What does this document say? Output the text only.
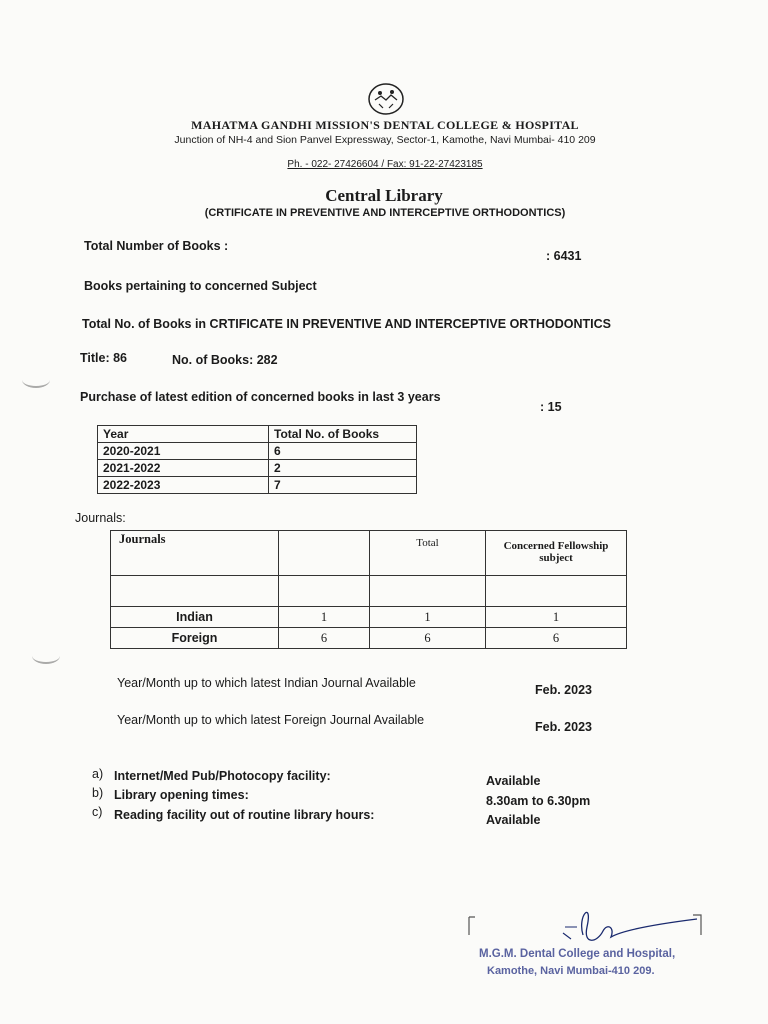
MAHATMA GANDHI MISSION'S DENTAL COLLEGE & HOSPITAL
Junction of NH-4 and Sion Panvel Expressway, Sector-1, Kamothe, Navi Mumbai- 410 209
Ph. - 022- 27426604 / Fax: 91-22-27423185
Central Library
(CRTIFICATE IN PREVENTIVE AND INTERCEPTIVE ORTHODONTICS)
Total Number of Books :
: 6431
Books pertaining to concerned Subject
Total No. of Books in CRTIFICATE IN PREVENTIVE AND INTERCEPTIVE ORTHODONTICS
Title: 86	No. of Books: 282
Purchase of latest edition of concerned books in last 3 years
: 15
Year	Total No. of Books
2020-2021	6
2021-2022	2
2022-2023	7
Journals:
Journals		Total	Concerned Fellowship subject

Indian	1	1	1
Foreign	6	6	6
Year/Month up to which latest Indian Journal Available	Feb. 2023
Year/Month up to which latest Foreign Journal Available	Feb. 2023
a) Internet/Med Pub/Photocopy facility:	Available
b) Library opening times:	8.30am to 6.30pm
c) Reading facility out of routine library hours:	Available
M.G.M. Dental College and Hospital,
Kamothe, Navi Mumbai-410 209.
